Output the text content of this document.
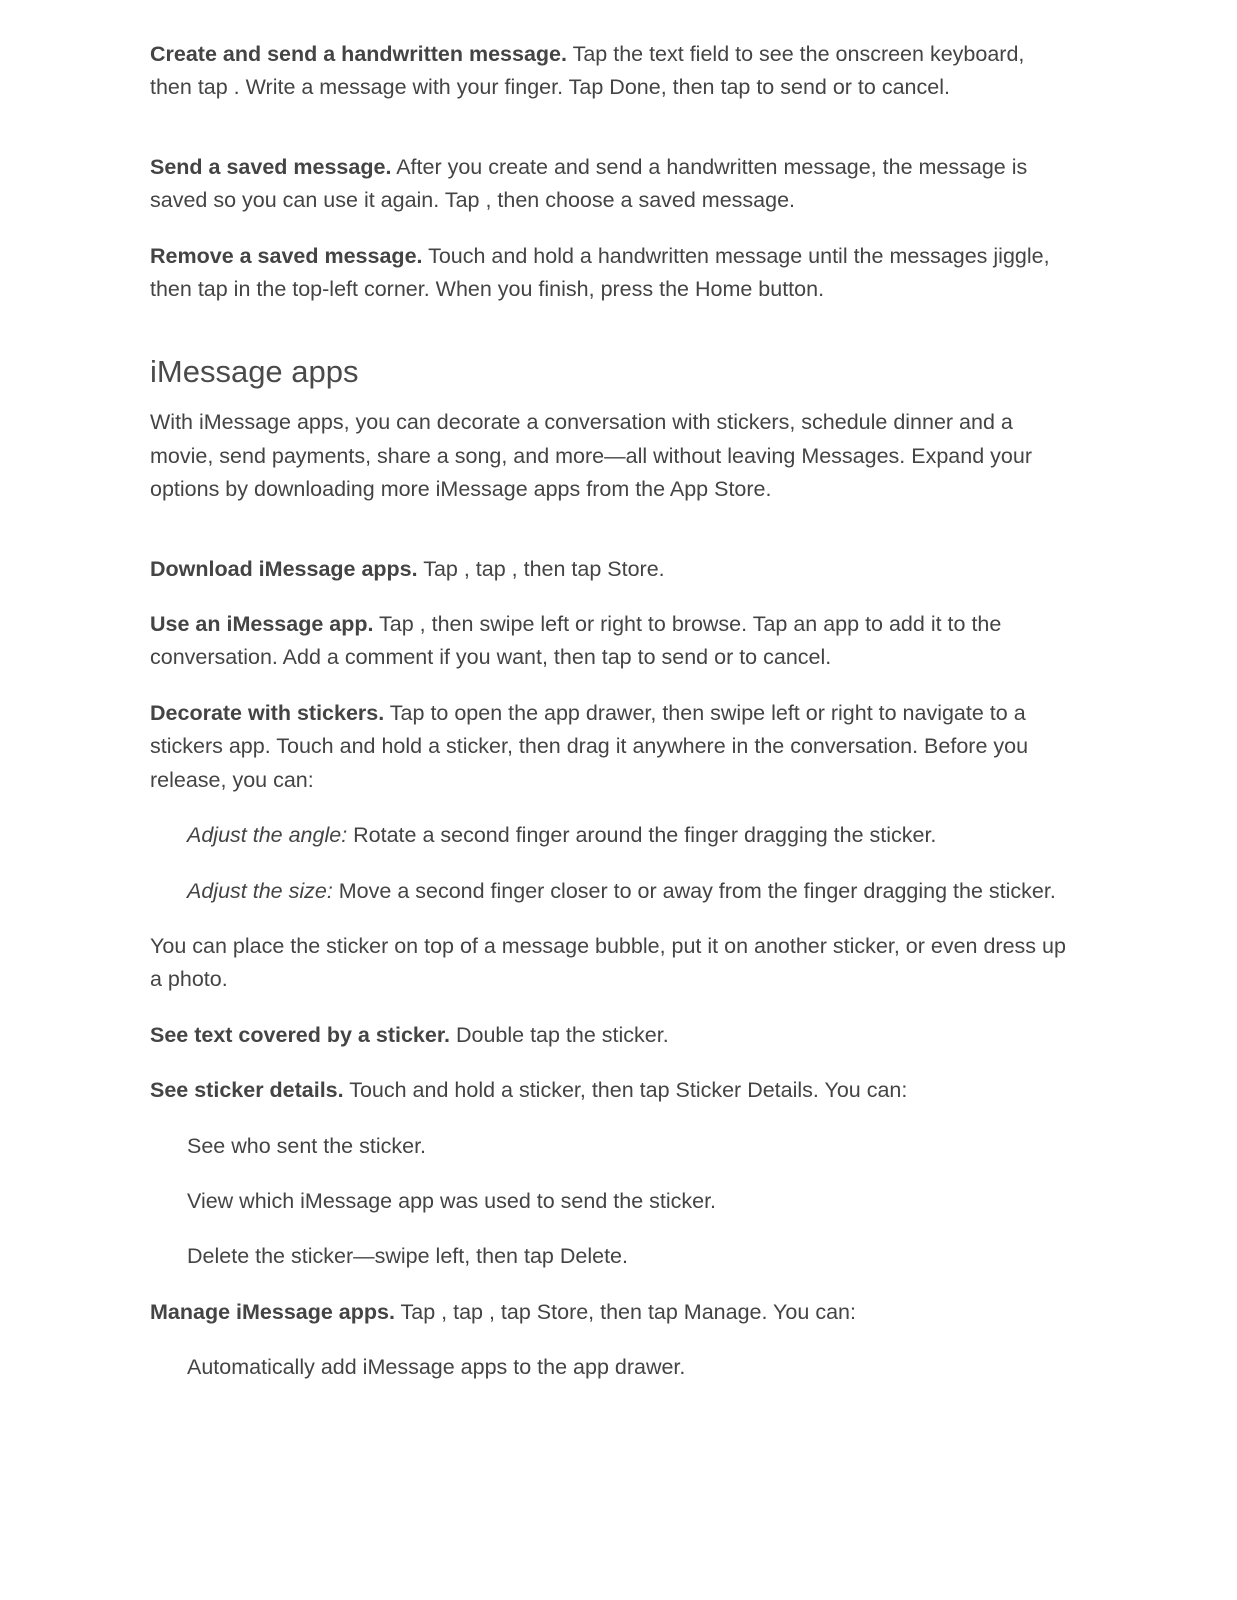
Create and send a handwritten message. Tap the text field to see the onscreen keyboard, then tap . Write a message with your finger. Tap Done, then tap to send or to cancel.

Send a saved message. After you create and send a handwritten message, the message is saved so you can use it again. Tap , then choose a saved message.

Remove a saved message. Touch and hold a handwritten message until the messages jiggle, then tap in the top-left corner. When you finish, press the Home button.

iMessage apps

With iMessage apps, you can decorate a conversation with stickers, schedule dinner and a movie, send payments, share a song, and more—all without leaving Messages. Expand your options by downloading more iMessage apps from the App Store.

Download iMessage apps. Tap , tap , then tap Store.

Use an iMessage app. Tap , then swipe left or right to browse. Tap an app to add it to the conversation. Add a comment if you want, then tap to send or to cancel.

Decorate with stickers. Tap to open the app drawer, then swipe left or right to navigate to a stickers app. Touch and hold a sticker, then drag it anywhere in the conversation. Before you release, you can:

Adjust the angle: Rotate a second finger around the finger dragging the sticker.

Adjust the size: Move a second finger closer to or away from the finger dragging the sticker.

You can place the sticker on top of a message bubble, put it on another sticker, or even dress up a photo.

See text covered by a sticker. Double tap the sticker.

See sticker details. Touch and hold a sticker, then tap Sticker Details. You can:

See who sent the sticker.

View which iMessage app was used to send the sticker.

Delete the sticker—swipe left, then tap Delete.

Manage iMessage apps. Tap , tap , tap Store, then tap Manage. You can:

Automatically add iMessage apps to the app drawer.
